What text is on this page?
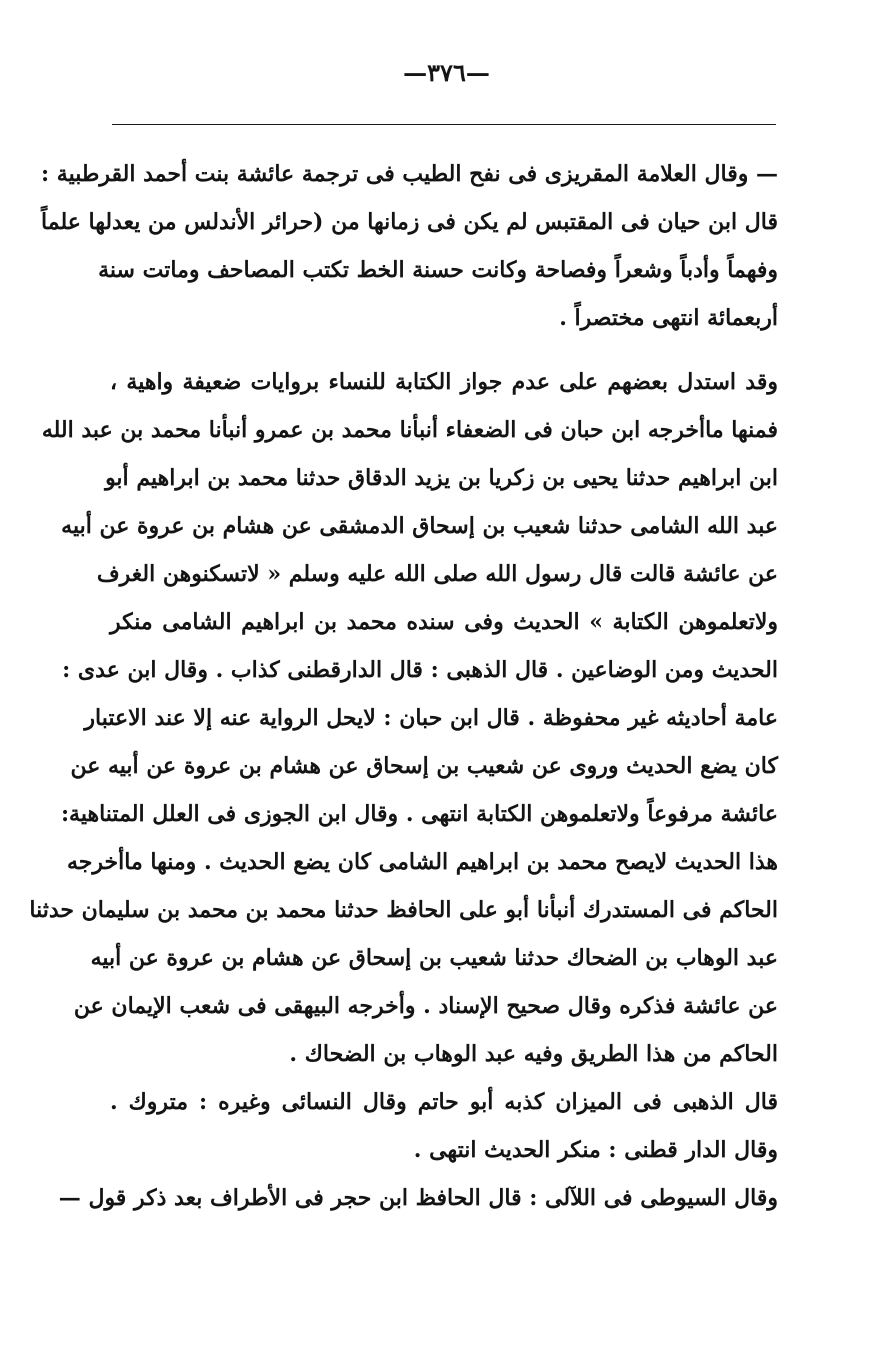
—٣٧٦—
— وقال العلامة المقريزى فى نفح الطيب فى ترجمة عائشة بنت أحمد القرطبية :
قال ابن حيان فى المقتبس لم يكن فى زمانها من (حرائر الأندلس من يعدلها علماً
وفهماً وأدباً وشعراً وفصاحة وكانت حسنة الخط تكتب المصاحف وماتت سنة
أربعمائة انتهى مختصراً .
وقد استدل بعضهم على عدم جواز الكتابة للنساء بروايات ضعيفة واهية ،
فمنها ماأخرجه ابن حبان فى الضعفاء أنبأنا محمد بن عمرو أنبأنا محمد بن عبد الله
ابن ابراهيم حدثنا يحيى بن زكريا بن يزيد الدقاق حدثنا محمد بن ابراهيم أبو
عبد الله الشامى حدثنا شعيب بن إسحاق الدمشقى عن هشام بن عروة عن أبيه
عن عائشة قالت قال رسول الله صلى الله عليه وسلم « لاتسكنوهن الغرف
ولاتعلموهن الكتابة » الحديث وفى سنده محمد بن ابراهيم الشامى منكر
الحديث ومن الوضاعين . قال الذهبى : قال الدارقطنى كذاب . وقال ابن عدى :
عامة أحاديثه غير محفوظة . قال ابن حبان : لايحل الرواية عنه إلا عند الاعتبار
كان يضع الحديث وروى عن شعيب بن إسحاق عن هشام بن عروة عن أبيه عن
عائشة مرفوعاً ولاتعلموهن الكتابة انتهى . وقال ابن الجوزى فى العلل المتناهية:
هذا الحديث لايصح محمد بن ابراهيم الشامى كان يضع الحديث . ومنها ماأخرجه
الحاكم فى المستدرك أنبأنا أبو على الحافظ حدثنا محمد بن محمد بن سليمان حدثنا
عبد الوهاب بن الضحاك حدثنا شعيب بن إسحاق عن هشام بن عروة عن أبيه
عن عائشة فذكره وقال صحيح الإسناد . وأخرجه البيهقى فى شعب الإيمان عن
الحاكم من هذا الطريق وفيه عبد الوهاب بن الضحاك .
قال الذهبى فى الميزان كذبه أبو حاتم وقال النسائى وغيره : متروك .
وقال الدار قطنى : منكر الحديث انتهى .
وقال السيوطى فى اللآلى : قال الحافظ ابن حجر فى الأطراف بعد ذكر قول —
